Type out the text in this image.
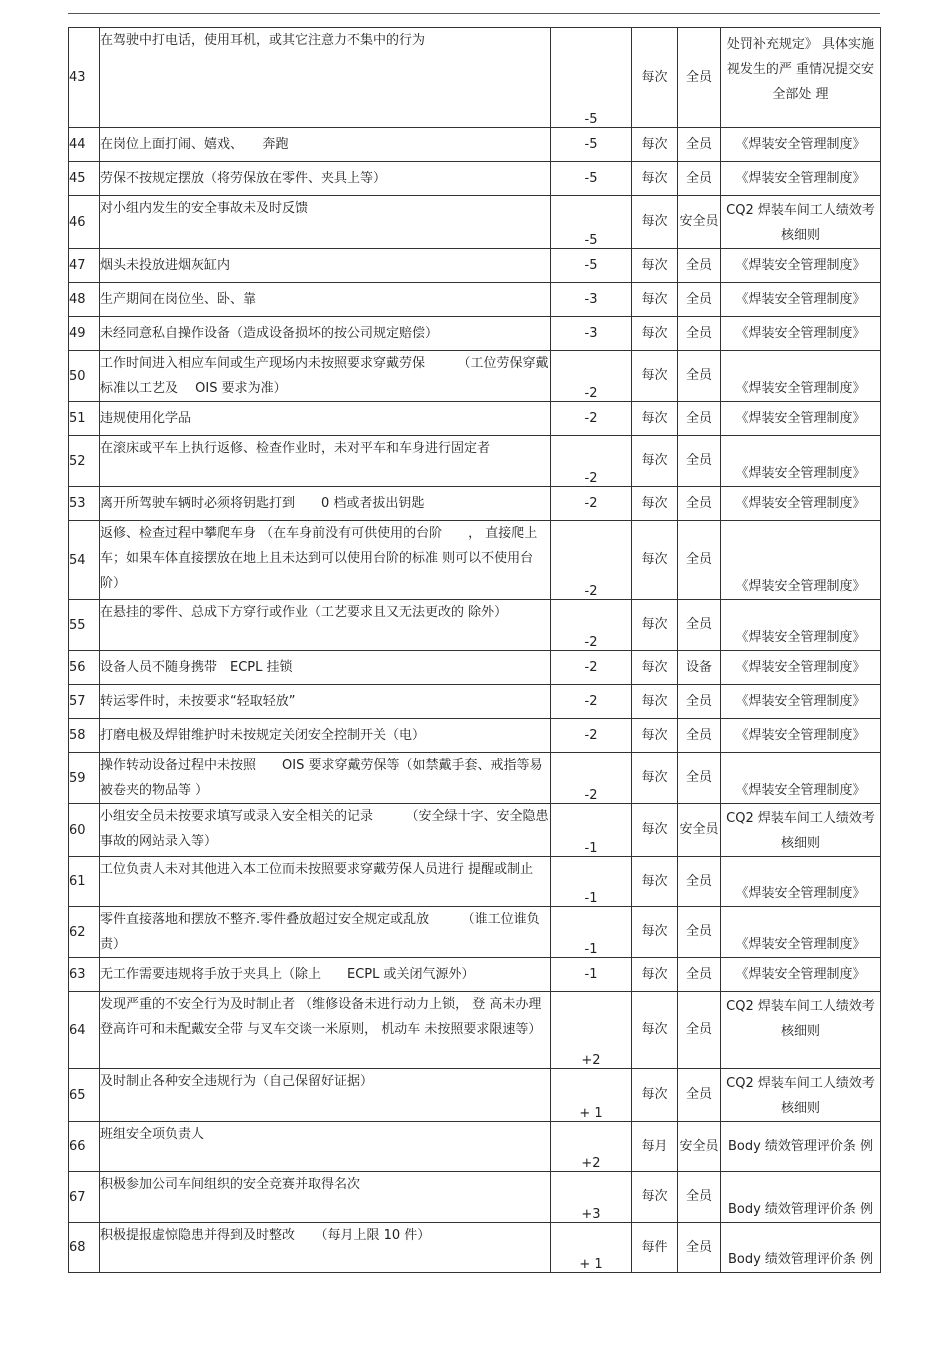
43	在驾驶中打电话，使用耳机，或其它注意力不集中的行为	-5	每次	全员	处罚补充规定》 具体实施视发生的严 重情况提交安全部处 理
44	在岗位上面打闹、嬉戏、　　奔跑	-5	每次	全员	《焊装安全管理制度》
45	劳保不按规定摆放（将劳保放在零件、夹具上等）	-5	每次	全员	《焊装安全管理制度》
46	对小组内发生的安全事故未及时反馈	-5	每次	安全员	CQ2 焊装车间工人绩效考核细则
47	烟头未投放进烟灰缸内	-5	每次	全员	《焊装安全管理制度》
48	生产期间在岗位坐、卧、靠	-3	每次	全员	《焊装安全管理制度》
49	未经同意私自操作设备（造成设备损坏的按公司规定赔偿）	-3	每次	全员	《焊装安全管理制度》
50	工作时间进入相应车间或生产现场内未按照要求穿戴劳保　　　（工位劳保穿戴标准以工艺及　 OIS 要求为准）	-2	每次	全员	《焊装安全管理制度》
51	违规使用化学品	-2	每次	全员	《焊装安全管理制度》
52	在滚床或平车上执行返修、检查作业时，未对平车和车身进行固定者	-2	每次	全员	《焊装安全管理制度》
53	离开所驾驶车辆时必须将钥匙打到　　0 档或者拔出钥匙	-2	每次	全员	《焊装安全管理制度》
54	返修、检查过程中攀爬车身 （在车身前没有可供使用的台阶　　， 直接爬上车；如果车体直接摆放在地上且未达到可以使用台阶的标准 则可以不使用台阶）	-2	每次	全员	《焊装安全管理制度》
55	在悬挂的零件、总成下方穿行或作业（工艺要求且又无法更改的 除外）	-2	每次	全员	《焊装安全管理制度》
56	设备人员不随身携带　ECPL 挂锁	-2	每次	设备	《焊装安全管理制度》
57	转运零件时，未按要求“轻取轻放”	-2	每次	全员	《焊装安全管理制度》
58	打磨电极及焊钳维护时未按规定关闭安全控制开关（电）	-2	每次	全员	《焊装安全管理制度》
59	操作转动设备过程中未按照　　OIS 要求穿戴劳保等（如禁戴手套、戒指等易被卷夹的物品等 ）	-2	每次	全员	《焊装安全管理制度》
60	小组安全员未按要求填写或录入安全相关的记录　　　（安全绿十字、安全隐患事故的网站录入等）	-1	每次	安全员	CQ2 焊装车间工人绩效考核细则
61	工位负责人未对其他进入本工位而未按照要求穿戴劳保人员进行 提醒或制止	-1	每次	全员	《焊装安全管理制度》
62	零件直接落地和摆放不整齐.零件叠放超过安全规定或乱放　　　（谁工位谁负责）	-1	每次	全员	《焊装安全管理制度》
63	无工作需要违规将手放于夹具上（除上　　ECPL 或关闭气源外）	-1	每次	全员	《焊装安全管理制度》
64	发现严重的不安全行为及时制止者 （维修设备未进行动力上锁， 登 高未办理登高许可和未配戴安全带 与叉车交谈一米原则， 机动车 未按照要求限速等）	+2	每次	全员	CQ2 焊装车间工人绩效考核细则
65	及时制止各种安全违规行为（自己保留好证据）	+ 1	每次	全员	CQ2 焊装车间工人绩效考核细则
66	班组安全项负责人	+2	每月	安全员	Body 绩效管理评价条 例
67	积极参加公司车间组织的安全竞赛并取得名次	+3	每次	全员	Body 绩效管理评价条 例
68	积极提报虚惊隐患并得到及时整改　　（每月上限 10 件）	+ 1	每件	全员	Body 绩效管理评价条 例
